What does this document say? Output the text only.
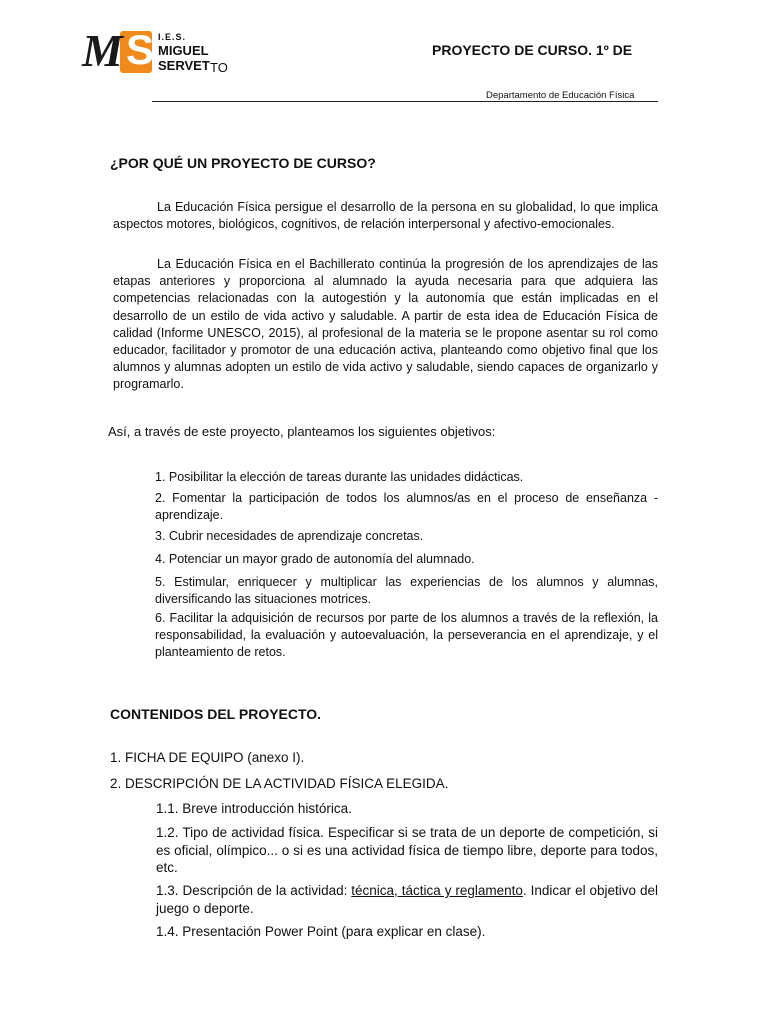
M S I.E.S.
MIGUEL
SERVET TO
PROYECTO DE CURSO. 1º DE
Departamento de Educación Física
¿POR QUÉ UN PROYECTO DE CURSO?

La Educación Física persigue el desarrollo de la persona en su globalidad, lo que implica aspectos motores, biológicos, cognitivos, de relación interpersonal y afectivo-emocionales.

La Educación Física en el Bachillerato continúa la progresión de los aprendizajes de las etapas anteriores y proporciona al alumnado la ayuda necesaria para que adquiera las competencias relacionadas con la autogestión y la autonomía que están implicadas en el desarrollo de un estilo de vida activo y saludable. A partir de esta idea de Educación Física de calidad (Informe UNESCO, 2015), al profesional de la materia se le propone asentar su rol como educador, facilitador y promotor de una educación activa, planteando como objetivo final que los alumnos y alumnas adopten un estilo de vida activo y saludable, siendo capaces de organizarlo y programarlo.

Así, a través de este proyecto, planteamos los siguientes objetivos:

1. Posibilitar la elección de tareas durante las unidades didácticas.

2. Fomentar la participación de todos los alumnos/as en el proceso de enseñanza -aprendizaje.

3. Cubrir necesidades de aprendizaje concretas.

4. Potenciar un mayor grado de autonomía del alumnado.

5. Estimular, enriquecer y multiplicar las experiencias de los alumnos y alumnas, diversificando las situaciones motrices.

6. Facilitar la adquisición de recursos por parte de los alumnos a través de la reflexión, la responsabilidad, la evaluación y autoevaluación, la perseverancia en el aprendizaje, y el planteamiento de retos.

CONTENIDOS DEL PROYECTO.
1. FICHA DE EQUIPO (anexo I).
2. DESCRIPCIÓN DE LA ACTIVIDAD FÍSICA ELEGIDA.

1.1. Breve introducción histórica.

1.2. Tipo de actividad física. Especificar si se trata de un deporte de competición, si es oficial, olímpico... o si es una actividad física de tiempo libre, deporte para todos, etc.

1.3. Descripción de la actividad: técnica, táctica y reglamento. Indicar el objetivo del juego o deporte.

1.4. Presentación Power Point (para explicar en clase).
